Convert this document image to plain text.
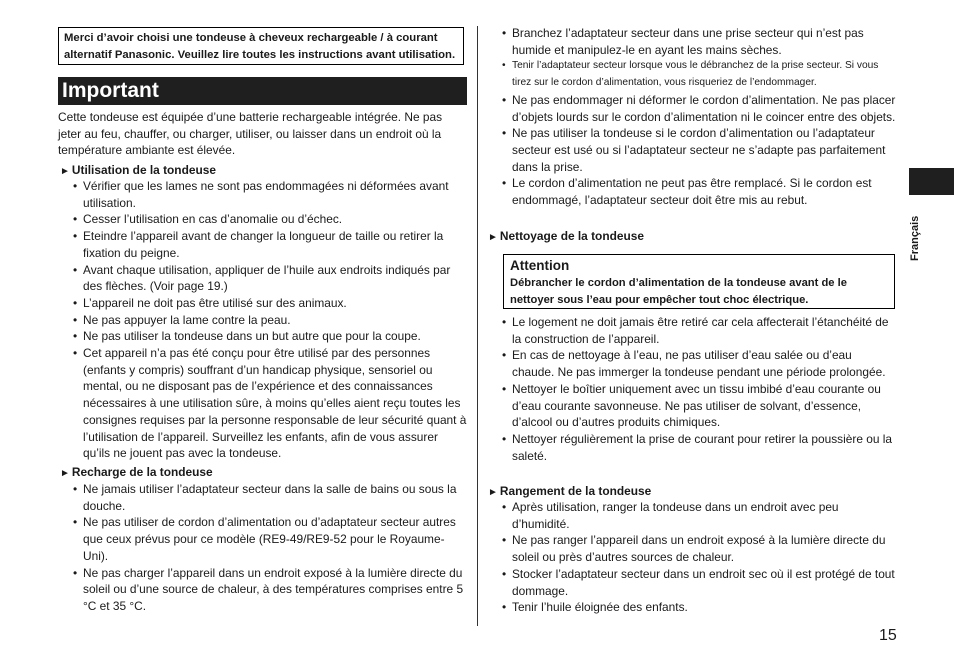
Merci d’avoir choisi une tondeuse à cheveux rechargeable / à courant alternatif Panasonic. Veuillez lire toutes les instructions avant utilisation.
Important
Cette tondeuse est équipée d’une batterie rechargeable intégrée. Ne pas jeter au feu, chauffer, ou charger, utiliser, ou laisser dans un endroit où la température ambiante est élevée.
► Utilisation de la tondeuse
• Vérifier que les lames ne sont pas endommagées ni déformées avant utilisation.
• Cesser l’utilisation en cas d’anomalie ou d’échec.
• Eteindre l’appareil avant de changer la longueur de taille ou retirer la fixation du peigne.
• Avant chaque utilisation, appliquer de l’huile aux endroits indiqués par des flèches. (Voir page 19.)
• L’appareil ne doit pas être utilisé sur des animaux.
• Ne pas appuyer la lame contre la peau.
• Ne pas utiliser la tondeuse dans un but autre que pour la coupe.
• Cet appareil n’a pas été conçu pour être utilisé par des personnes (enfants y compris) souffrant d’un handicap physique, sensoriel ou mental, ou ne disposant pas de l’expérience et des connaissances nécessaires à une utilisation sûre, à moins qu’elles aient reçu toutes les consignes requises par la personne responsable de leur sécurité quant à l’utilisation de l’appareil. Surveillez les enfants, afin de vous assurer qu’ils ne jouent pas avec la tondeuse.
► Recharge de la tondeuse
• Ne jamais utiliser l’adaptateur secteur dans la salle de bains ou sous la douche.
• Ne pas utiliser de cordon d’alimentation ou d’adaptateur secteur autres que ceux prévus pour ce modèle (RE9-49/RE9-52 pour le Royaume-Uni).
• Ne pas charger l’appareil dans un endroit exposé à la lumière directe du soleil ou d’une source de chaleur, à des températures comprises entre 5 °C et 35 °C.
• Branchez l’adaptateur secteur dans une prise secteur qui n’est pas humide et manipulez-le en ayant les mains sèches.
• Tenir l’adaptateur secteur lorsque vous le débranchez de la prise secteur. Si vous tirez sur le cordon d’alimentation, vous risqueriez de l’endommager.
• Ne pas endommager ni déformer le cordon d’alimentation. Ne pas placer d’objets lourds sur le cordon d’alimentation ni le coincer entre des objets.
• Ne pas utiliser la tondeuse si le cordon d’alimentation ou l’adaptateur secteur est usé ou si l’adaptateur secteur ne s’adapte pas parfaitement dans la prise.
• Le cordon d’alimentation ne peut pas être remplacé. Si le cordon est endommagé, l’adaptateur secteur doit être mis au rebut.
► Nettoyage de la tondeuse
Attention
Débrancher le cordon d’alimentation de la tondeuse avant de le nettoyer sous l’eau pour empêcher tout choc électrique.
• Le logement ne doit jamais être retiré car cela affecterait l’étanchéité de la construction de l’appareil.
• En cas de nettoyage à l’eau, ne pas utiliser d’eau salée ou d’eau chaude. Ne pas immerger la tondeuse pendant une période prolongée.
• Nettoyer le boîtier uniquement avec un tissu imbibé d’eau courante ou d’eau courante savonneuse. Ne pas utiliser de solvant, d’essence, d’alcool ou d’autres produits chimiques.
• Nettoyer régulièrement la prise de courant pour retirer la poussière ou la saleté.
► Rangement de la tondeuse
• Après utilisation, ranger la tondeuse dans un endroit avec peu d’humidité.
• Ne pas ranger l’appareil dans un endroit exposé à la lumière directe du soleil ou près d’autres sources de chaleur.
• Stocker l’adaptateur secteur dans un endroit sec où il est protégé de tout dommage.
• Tenir l’huile éloignée des enfants.
Français
15
